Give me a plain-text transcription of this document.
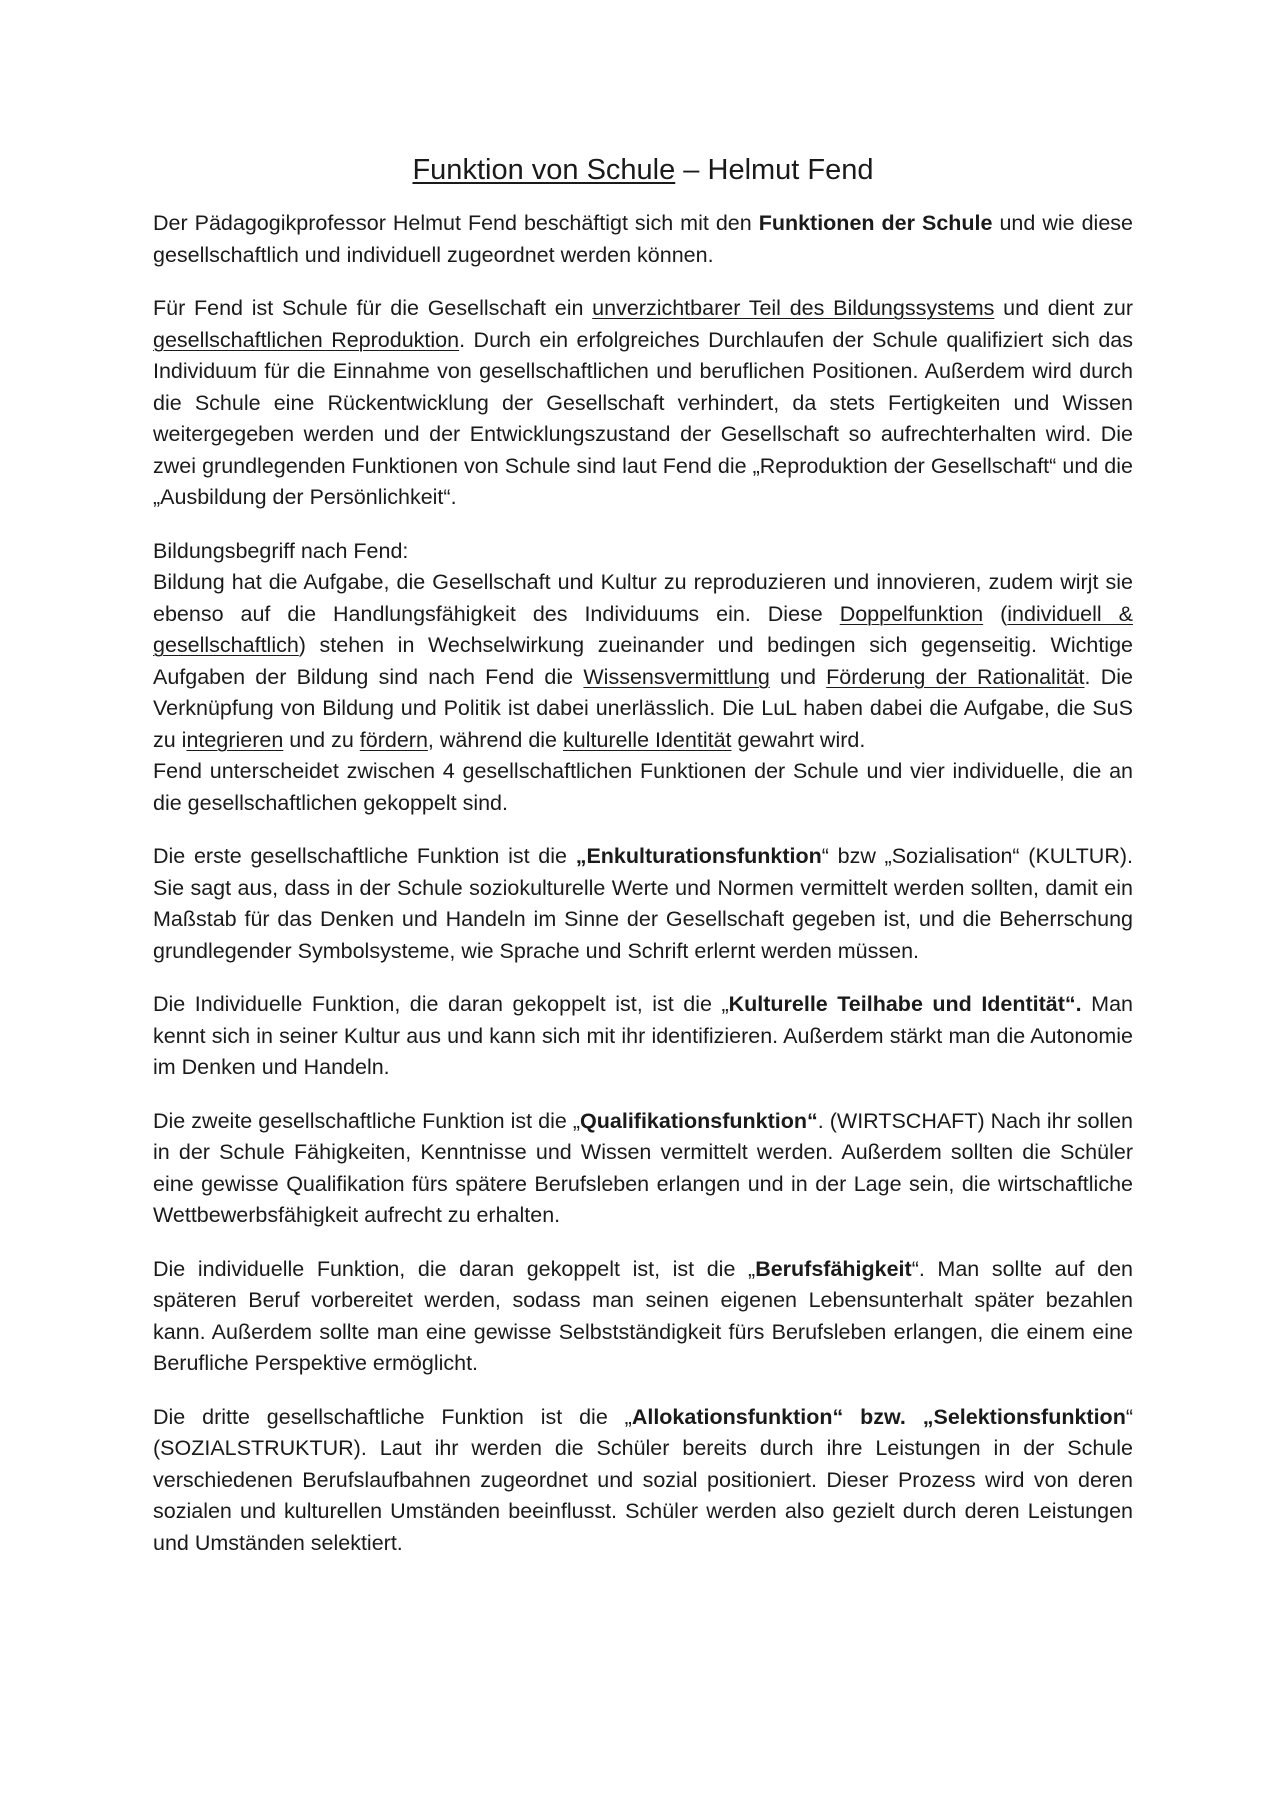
Funktion von Schule – Helmut Fend

Der Pädagogikprofessor Helmut Fend beschäftigt sich mit den Funktionen der Schule und wie diese gesellschaftlich und individuell zugeordnet werden können.

Für Fend ist Schule für die Gesellschaft ein unverzichtbarer Teil des Bildungssystems und dient zur gesellschaftlichen Reproduktion. Durch ein erfolgreiches Durchlaufen der Schule qualifiziert sich das Individuum für die Einnahme von gesellschaftlichen und beruflichen Positionen. Außerdem wird durch die Schule eine Rückentwicklung der Gesellschaft verhindert, da stets Fertigkeiten und Wissen weitergegeben werden und der Entwicklungszustand der Gesellschaft so aufrechterhalten wird. Die zwei grundlegenden Funktionen von Schule sind laut Fend die „Reproduktion der Gesellschaft“ und die „Ausbildung der Persönlichkeit“.

Bildungsbegriff nach Fend:
Bildung hat die Aufgabe, die Gesellschaft und Kultur zu reproduzieren und innovieren, zudem wirjt sie ebenso auf die Handlungsfähigkeit des Individuums ein. Diese Doppelfunktion (individuell & gesellschaftlich) stehen in Wechselwirkung zueinander und bedingen sich gegenseitig. Wichtige Aufgaben der Bildung sind nach Fend die Wissensvermittlung und Förderung der Rationalität. Die Verknüpfung von Bildung und Politik ist dabei unerlässlich. Die LuL haben dabei die Aufgabe, die SuS zu integrieren und zu fördern, während die kulturelle Identität gewahrt wird.

Fend unterscheidet zwischen 4 gesellschaftlichen Funktionen der Schule und vier individuelle, die an die gesellschaftlichen gekoppelt sind.

Die erste gesellschaftliche Funktion ist die „Enkulturationsfunktion“ bzw „Sozialisation“ (KULTUR). Sie sagt aus, dass in der Schule soziokulturelle Werte und Normen vermittelt werden sollten, damit ein Maßstab für das Denken und Handeln im Sinne der Gesellschaft gegeben ist, und die Beherrschung grundlegender Symbolsysteme, wie Sprache und Schrift erlernt werden müssen.

Die Individuelle Funktion, die daran gekoppelt ist, ist die „Kulturelle Teilhabe und Identität“. Man kennt sich in seiner Kultur aus und kann sich mit ihr identifizieren. Außerdem stärkt man die Autonomie im Denken und Handeln.

Die zweite gesellschaftliche Funktion ist die „Qualifikationsfunktion“. (WIRTSCHAFT) Nach ihr sollen in der Schule Fähigkeiten, Kenntnisse und Wissen vermittelt werden. Außerdem sollten die Schüler eine gewisse Qualifikation fürs spätere Berufsleben erlangen und in der Lage sein, die wirtschaftliche Wettbewerbsfähigkeit aufrecht zu erhalten.

Die individuelle Funktion, die daran gekoppelt ist, ist die „Berufsfähigkeit“. Man sollte auf den späteren Beruf vorbereitet werden, sodass man seinen eigenen Lebensunterhalt später bezahlen kann. Außerdem sollte man eine gewisse Selbstständigkeit fürs Berufsleben erlangen, die einem eine Berufliche Perspektive ermöglicht.

Die dritte gesellschaftliche Funktion ist die „Allokationsfunktion“ bzw. „Selektionsfunktion“ (SOZIALSTRUKTUR). Laut ihr werden die Schüler bereits durch ihre Leistungen in der Schule verschiedenen Berufslaufbahnen zugeordnet und sozial positioniert. Dieser Prozess wird von deren sozialen und kulturellen Umständen beeinflusst. Schüler werden also gezielt durch deren Leistungen und Umständen selektiert.
